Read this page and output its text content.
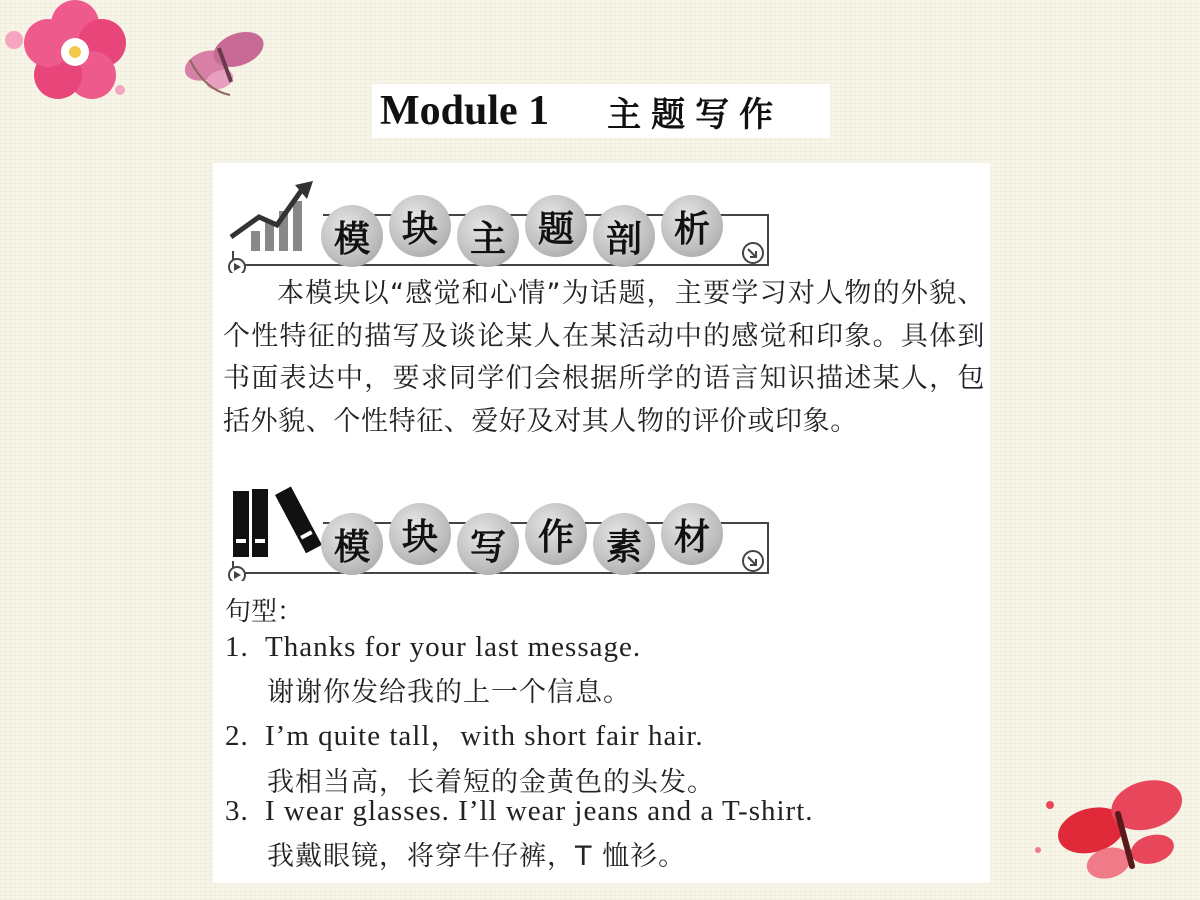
Module 1 主题写作
模 块 主 题 剖 析

本模块以“感觉和心情”为话题，主要学习对人物的外貌、个性特征的描写及谈论某人在某活动中的感觉和印象。具体到书面表达中，要求同学们会根据所学的语言知识描述某人，包括外貌、个性特征、爱好及对其人物的评价或印象。

模 块 写 作 素 材
句型：
1. Thanks for your last message.
谢谢你发给我的上一个信息。
2. I’m quite tall，with short fair hair.
我相当高，长着短的金黄色的头发。
3. I wear glasses. I’ll wear jeans and a T-shirt.
我戴眼镜，将穿牛仔裤，T 恤衫。
